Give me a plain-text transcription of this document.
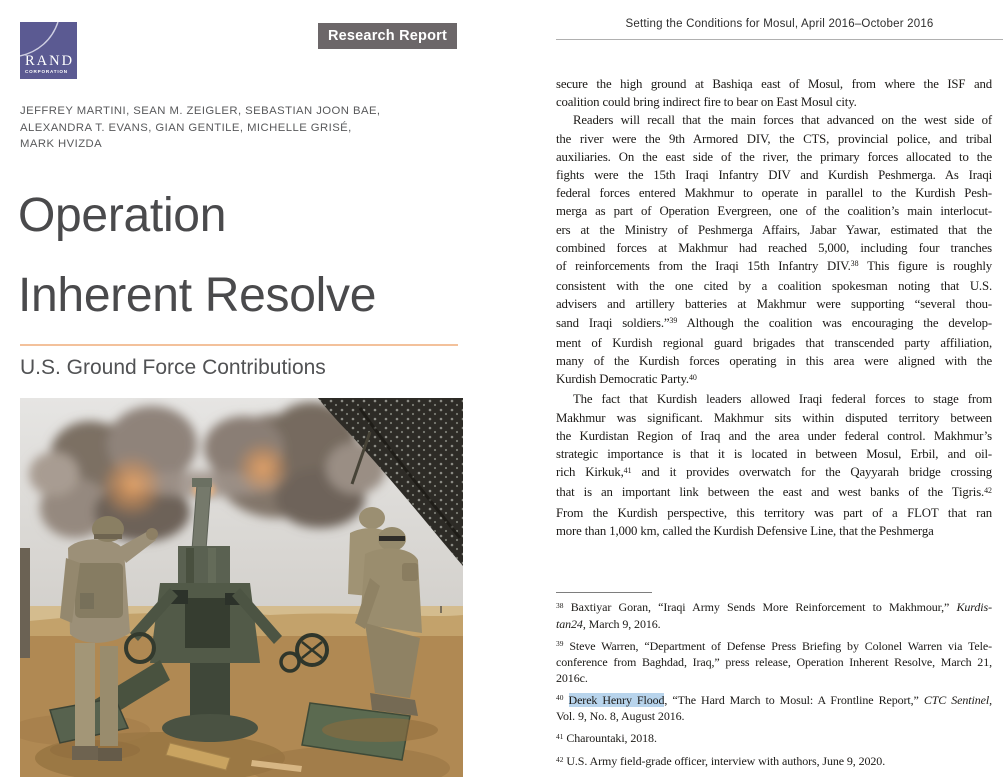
RAND
CORPORATION
Research Report
JEFFREY MARTINI, SEAN M. ZEIGLER, SEBASTIAN JOON BAE,
ALEXANDRA T. EVANS, GIAN GENTILE, MICHELLE GRISÉ,
MARK HVIZDA
Operation
Inherent Resolve
U.S. Ground Force Contributions
Setting the Conditions for Mosul, April 2016–October 2016
secure the high ground at Bashiqa east of Mosul, from where the ISF and
coalition could bring indirect fire to bear on East Mosul city.
Readers will recall that the main forces that advanced on the west side of
the river were the 9th Armored DIV, the CTS, provincial police, and tribal
auxiliaries. On the east side of the river, the primary forces allocated to the
fights were the 15th Iraqi Infantry DIV and Kurdish Peshmerga. As Iraqi
federal forces entered Makhmur to operate in parallel to the Kurdish Pesh-
merga as part of Operation Evergreen, one of the coalition’s main interlocut-
ers at the Ministry of Peshmerga Affairs, Jabar Yawar, estimated that the
combined forces at Makhmur had reached 5,000, including four tranches
of reinforcements from the Iraqi 15th Infantry DIV.$^{38}$ This figure is roughly
consistent with the one cited by a coalition spokesman noting that U.S.
advisers and artillery batteries at Makhmur were supporting “several thou-
sand Iraqi soldiers.”$^{39}$ Although the coalition was encouraging the develop-
ment of Kurdish regional guard brigades that transcended party affiliation,
many of the Kurdish forces operating in this area were aligned with the
Kurdish Democratic Party.$^{40}$
The fact that Kurdish leaders allowed Iraqi federal forces to stage from
Makhmur was significant. Makhmur sits within disputed territory between
the Kurdistan Region of Iraq and the area under federal control. Makhmur’s
strategic importance is that it is located in between Mosul, Erbil, and oil-
rich Kirkuk,$^{41}$ and it provides overwatch for the Qayyarah bridge crossing
that is an important link between the east and west banks of the Tigris.$^{42}$
From the Kurdish perspective, this territory was part of a FLOT that ran
more than 1,000 km, called the Kurdish Defensive Line, that the Peshmerga
$^{38}$ Baxtiyar Goran, “Iraqi Army Sends More Reinforcement to Makhmour,” Kurdis-
tan24, March 9, 2016.
$^{39}$ Steve Warren, “Department of Defense Press Briefing by Colonel Warren via Tele-
conference from Baghdad, Iraq,” press release, Operation Inherent Resolve, March 21,
2016c.
$^{40}$ Derek Henry Flood, “The Hard March to Mosul: A Frontline Report,” CTC Sentinel,
Vol. 9, No. 8, August 2016.
$^{41}$ Charountaki, 2018.
$^{42}$ U.S. Army field-grade officer, interview with authors, June 9, 2020.
